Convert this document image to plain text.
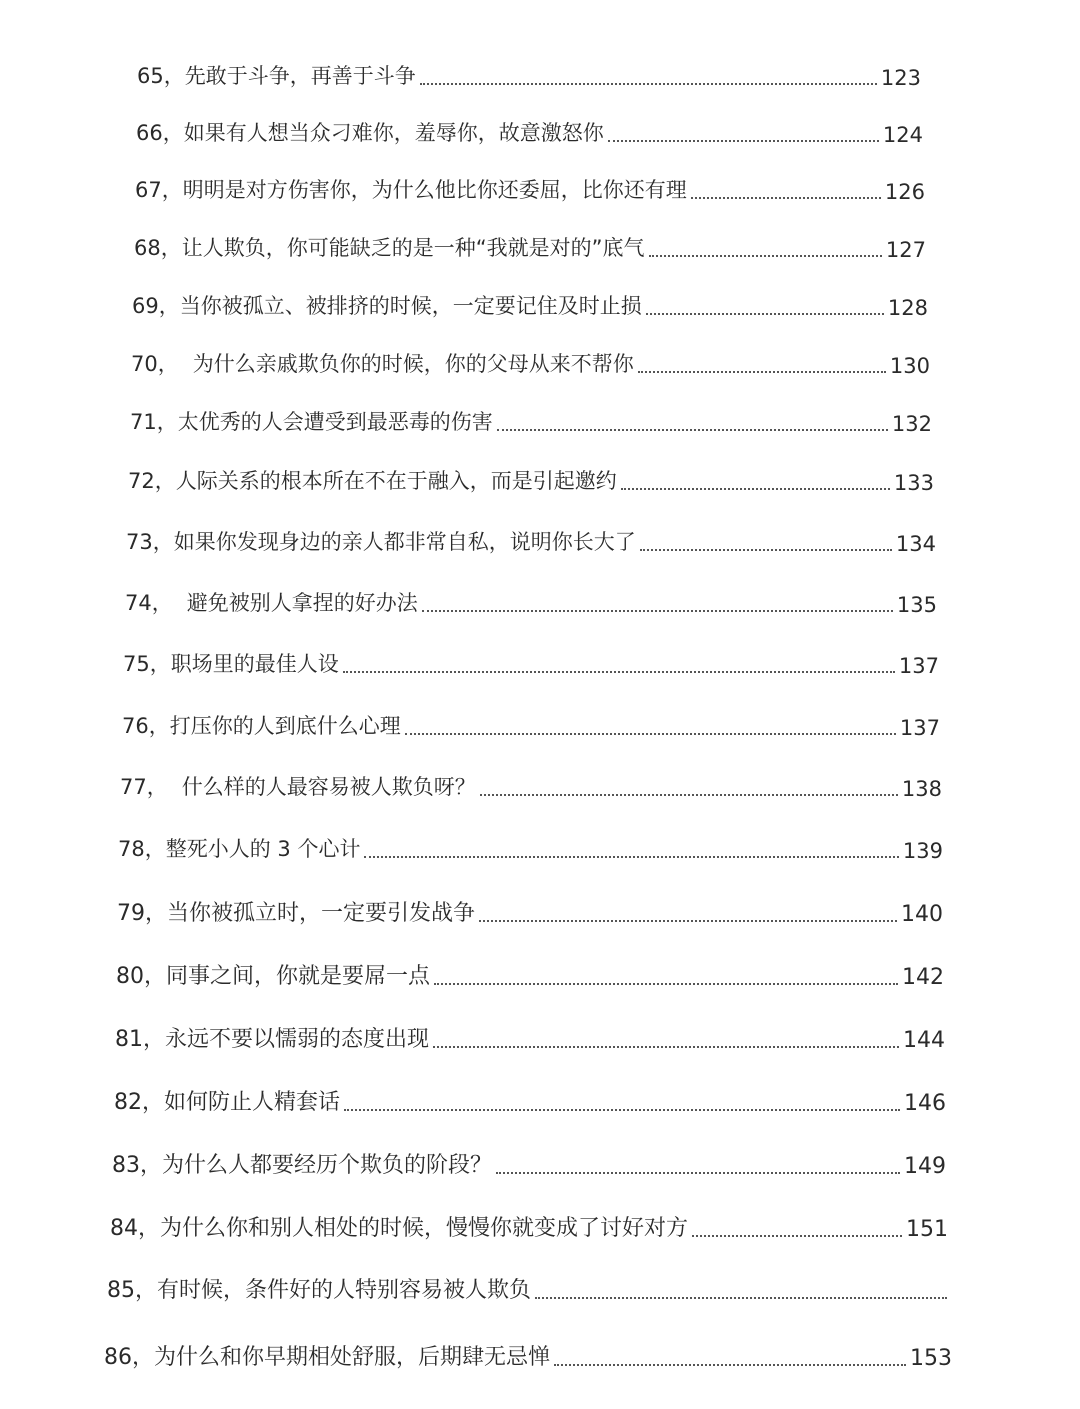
65， 先敢于斗争，再善于斗争	123
66， 如果有人想当众刁难你，羞辱你，故意激怒你	124
67， 明明是对方伤害你，为什么他比你还委屈，比你还有理	126
68， 让人欺负，你可能缺乏的是一种“我就是对的”底气	127
69， 当你被孤立、被排挤的时候，一定要记住及时止损	128
70， 为什么亲戚欺负你的时候，你的父母从来不帮你	130
71， 太优秀的人会遭受到最恶毒的伤害	132
72， 人际关系的根本所在不在于融入，而是引起邀约	133
73， 如果你发现身边的亲人都非常自私，说明你长大了	134
74， 避免被别人拿捏的好办法	135
75， 职场里的最佳人设	137
76， 打压你的人到底什么心理	137
77， 什么样的人最容易被人欺负呀？	138
78， 整死小人的 3 个心计	139
79， 当你被孤立时，一定要引发战争	140
80， 同事之间，你就是要屌一点	142
81， 永远不要以懦弱的态度出现	144
82， 如何防止人精套话	146
83， 为什么人都要经历个欺负的阶段？	149
84， 为什么你和别人相处的时候，慢慢你就变成了讨好对方	151
85， 有时候，条件好的人特别容易被人欺负
86， 为什么和你早期相处舒服，后期肆无忌惮	153
